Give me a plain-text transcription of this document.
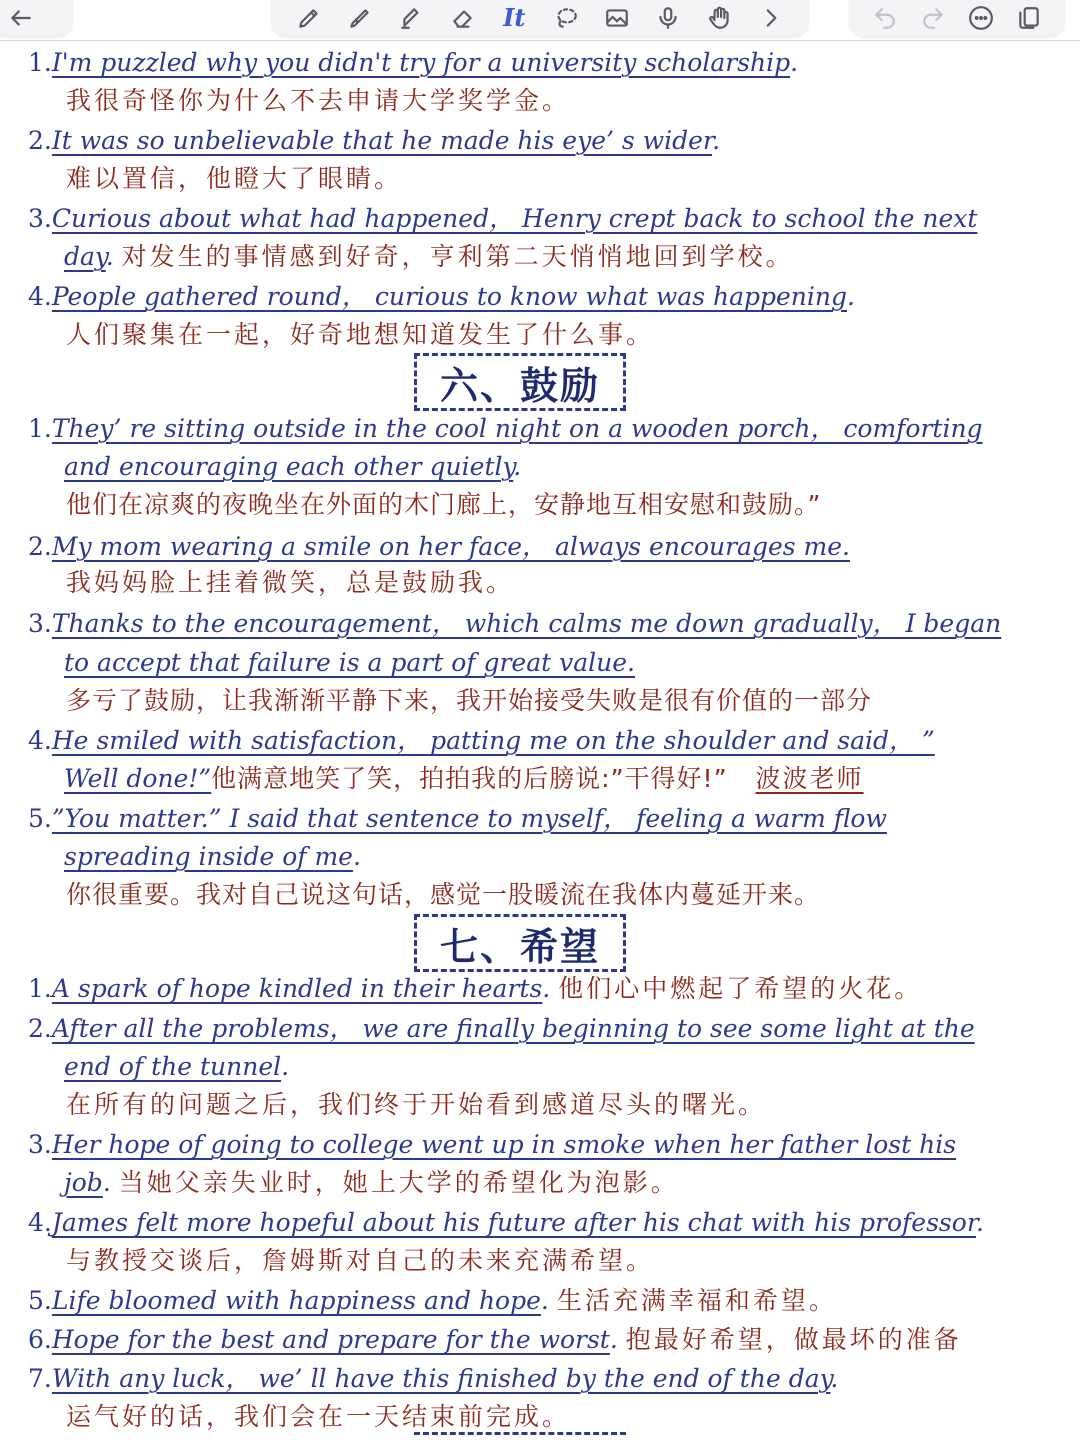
It
1.I'm puzzled why you didn't try for a university scholarship.
我很奇怪你为什么不去申请大学奖学金。
2.It was so unbelievable that he made his eye’ s wider.
难以置信，他瞪大了眼睛。
3.Curious about what had happened， Henry crept back to school the next
day. 对发生的事情感到好奇，亨利第二天悄悄地回到学校。
4.People gathered round， curious to know what was happening.
人们聚集在一起，好奇地想知道发生了什么事。
六、鼓励
1.They’ re sitting outside in the cool night on a wooden porch， comforting
and encouraging each other quietly.
他们在凉爽的夜晚坐在外面的木门廊上，安静地互相安慰和鼓励。”
2.My mom wearing a smile on her face， always encourages me.
我妈妈脸上挂着微笑，总是鼓励我。
3.Thanks to the encouragement， which calms me down gradually， I began
to accept that failure is a part of great value.
多亏了鼓励，让我渐渐平静下来，我开始接受失败是很有价值的一部分
4.He smiled with satisfaction， patting me on the shoulder and said， ”
Well done!”他满意地笑了笑，拍拍我的后膀说:”干得好!” 波波老师
5.”You matter.” I said that sentence to myself， feeling a warm flow
spreading inside of me.
你很重要。我对自己说这句话，感觉一股暖流在我体内蔓延开来。
七、希望
1.A spark of hope kindled in their hearts. 他们心中燃起了希望的火花。
2.After all the problems， we are finally beginning to see some light at the
end of the tunnel.
在所有的问题之后，我们终于开始看到感道尽头的曙光。
3.Her hope of going to college went up in smoke when her father lost his
job. 当她父亲失业时，她上大学的希望化为泡影。
4.James felt more hopeful about his future after his chat with his professor.
与教授交谈后，詹姆斯对自己的未来充满希望。
5.Life bloomed with happiness and hope. 生活充满幸福和希望。
6.Hope for the best and prepare for the worst. 抱最好希望，做最坏的准备
7.With any luck， we’ ll have this finished by the end of the day.
运气好的话，我们会在一天结束前完成。
